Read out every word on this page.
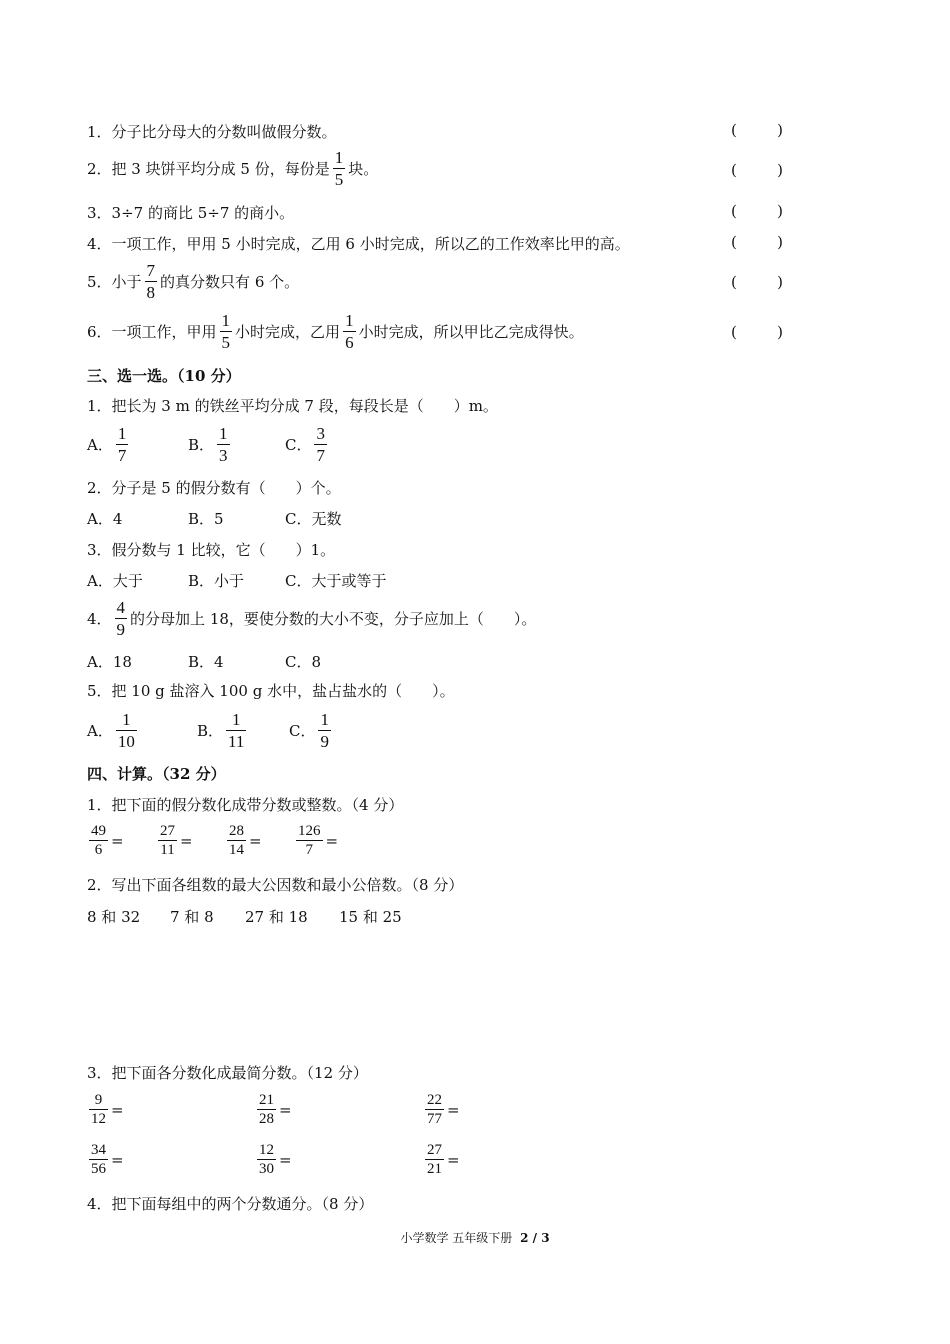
1．分子比分母大的分数叫做假分数。	(	)
2．把 3 块饼平均分成 5 份，每份是 $\frac{1}{5}$ 块。	(	)
3．3÷7 的商比 5÷7 的商小。	(	)
4．一项工作，甲用 5 小时完成，乙用 6 小时完成，所以乙的工作效率比甲的高。	(	)
5．小于 $\frac{7}{8}$ 的真分数只有 6 个。	(	)
6．一项工作，甲用 $\frac{1}{5}$ 小时完成，乙用 $\frac{1}{6}$ 小时完成，所以甲比乙完成得快。	(	)
三、选一选。（10 分）
1．把长为 3 m 的铁丝平均分成 7 段，每段长是（　　）m。
A． $\frac{1}{7}$	B． $\frac{1}{3}$	C． $\frac{3}{7}$
2．分子是 5 的假分数有（　　）个。
A．4	B．5	C．无数
3．假分数与 1 比较，它（　　）1。
A．大于	B．小于	C．大于或等于
4． $\frac{4}{9}$ 的分母加上 18，要使分数的大小不变，分子应加上（　　）。
A．18	B．4	C．8
5．把 10 g 盐溶入 100 g 水中，盐占盐水的（　　）。
A． $\frac{1}{10}$	B． $\frac{1}{11}$	C． $\frac{1}{9}$
四、计算。（32 分）
1．把下面的假分数化成带分数或整数。（4 分）
$\frac{49}{6} = \frac{27}{11} = \frac{28}{14} = \frac{126}{7}$ =
2．写出下面各组数的最大公因数和最小公倍数。（8 分）
8 和 32 7 和 8 27 和 18 15 和 25
3．把下面各分数化成最简分数。（12 分）
$\frac{9}{12}$ =	$\frac{21}{28}$ =	$\frac{22}{77}$ =
$\frac{34}{56}$ =	$\frac{12}{30}$ =	$\frac{27}{21}$ =
4．把下面每组中的两个分数通分。（8 分）
小学数学 五年级下册 2 / 3
